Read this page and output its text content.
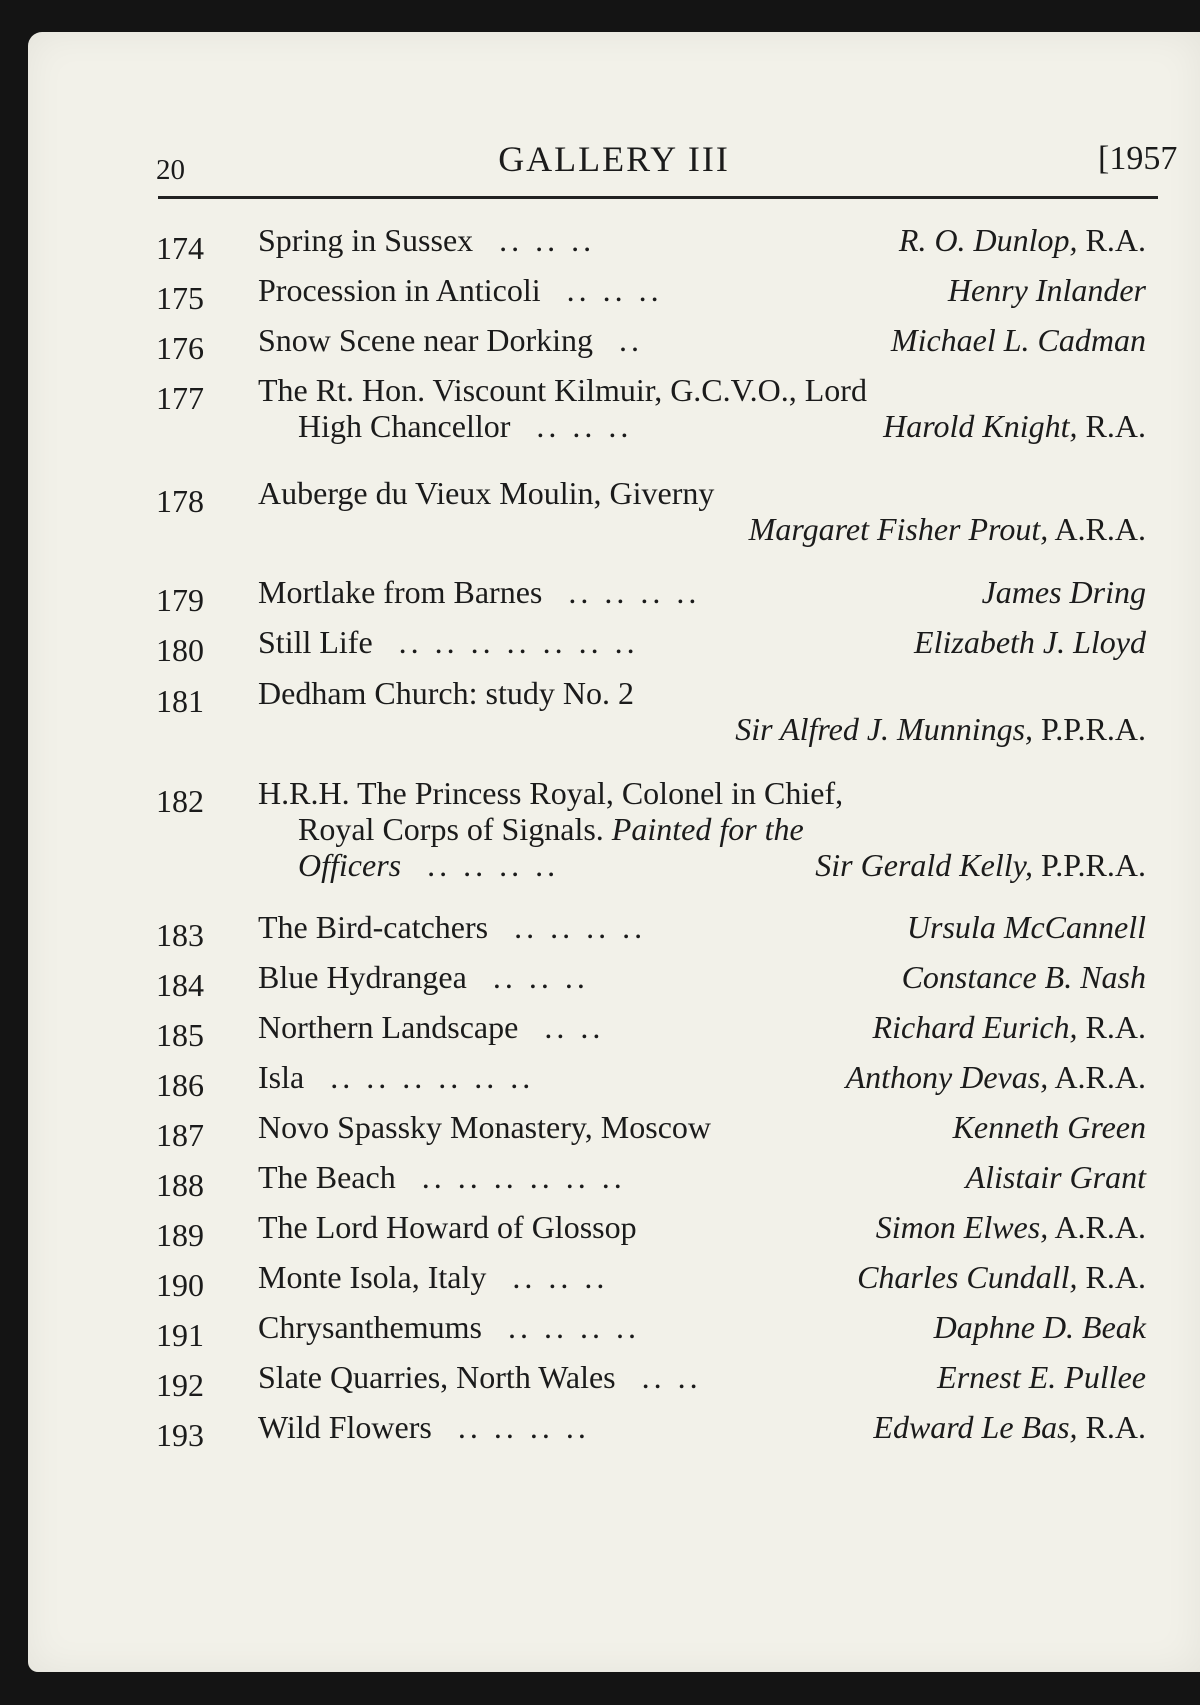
20	GALLERY III	[1957
174	Spring in Sussex .. .. ..	R. O. Dunlop, R.A.
175	Procession in Anticoli .. .. ..	Henry Inlander
176	Snow Scene near Dorking ..	Michael L. Cadman
177	The Rt. Hon. Viscount Kilmuir, G.C.V.O., Lord
High Chancellor .. .. ..	Harold Knight, R.A.
178	Auberge du Vieux Moulin, Giverny
Margaret Fisher Prout, A.R.A.
179	Mortlake from Barnes .. .. .. ..	James Dring
180	Still Life .. .. .. .. .. .. ..	Elizabeth J. Lloyd
181	Dedham Church: study No. 2
Sir Alfred J. Munnings, P.P.R.A.
182	H.R.H. The Princess Royal, Colonel in Chief,
Royal Corps of Signals. Painted for the
Officers .. .. .. ..	Sir Gerald Kelly, P.P.R.A.
183	The Bird-catchers .. .. .. ..	Ursula McCannell
184	Blue Hydrangea .. .. ..	Constance B. Nash
185	Northern Landscape .. ..	Richard Eurich, R.A.
186	Isla .. .. .. .. .. ..	Anthony Devas, A.R.A.
187	Novo Spassky Monastery, Moscow	Kenneth Green
188	The Beach .. .. .. .. .. ..	Alistair Grant
189	The Lord Howard of Glossop	Simon Elwes, A.R.A.
190	Monte Isola, Italy .. .. ..	Charles Cundall, R.A.
191	Chrysanthemums .. .. .. ..	Daphne D. Beak
192	Slate Quarries, North Wales .. ..	Ernest E. Pullee
193	Wild Flowers .. .. .. ..	Edward Le Bas, R.A.
